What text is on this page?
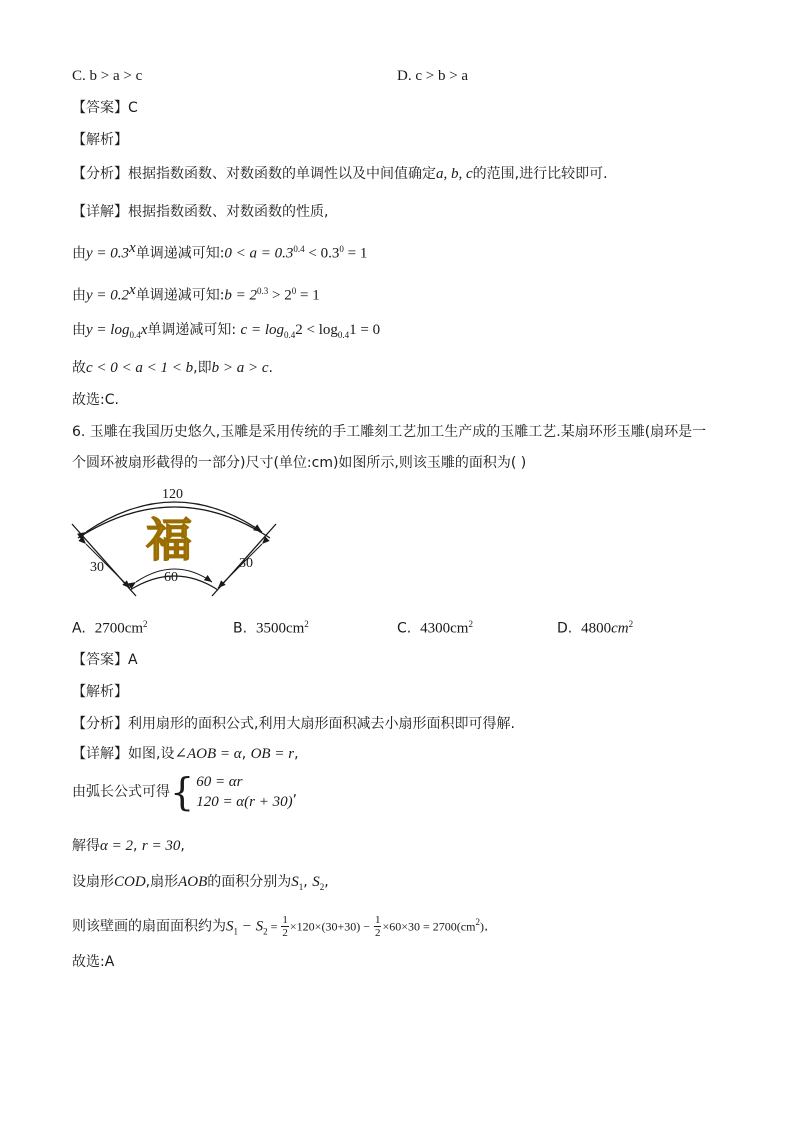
C. b > a > c	D. c > b > a
【答案】C
【解析】
【分析】根据指数函数、对数函数的单调性以及中间值确定a, b, c的范围,进行比较即可.
【详解】根据指数函数、对数函数的性质,
由$y = 0.3^x$单调递减可知:0 < $a = 0.3^{0.4} < 0.3^0 = 1$
由$y = 0.2^x$单调递减可知:b = $2^{0.3} > 2^0 = 1$
由$y = \log_{0.4}x$单调递减可知: $c = \log_{0.4}2 < \log_{0.4}1 = 0$
故c < 0 < a < 1 < b,即b > a > c.
故选:C.
6. 玉雕在我国历史悠久,玉雕是采用传统的手工雕刻工艺加工生产成的玉雕工艺.某扇环形玉雕(扇环是一
个圆环被扇形截得的一部分)尺寸(单位:cm)如图所示,则该玉雕的面积为( )
120
60
30	30
福
A. $2700cm^2$	B. $3500cm^2$	C. $4300cm^2$	D. $4800cm^2$
【答案】A
【解析】
【分析】利用扇形的面积公式,利用大扇形面积减去小扇形面积即可得解.
【详解】如图,设∠AOB = α, OB = r,
由弧长公式可得{ 60 = αr
120 = α(r + 30)
,
解得α = 2, r = 30,
设扇形COD,扇形AOB的面积分别为$S_1$, $S_2$,
则该壁画的扇面面积约为$S_1 - S_2 = \frac{1}{2} \times 120\times(30+30) - \frac{1}{2} \times 60\times 30 = 2700(cm^2)$.
故选:A
